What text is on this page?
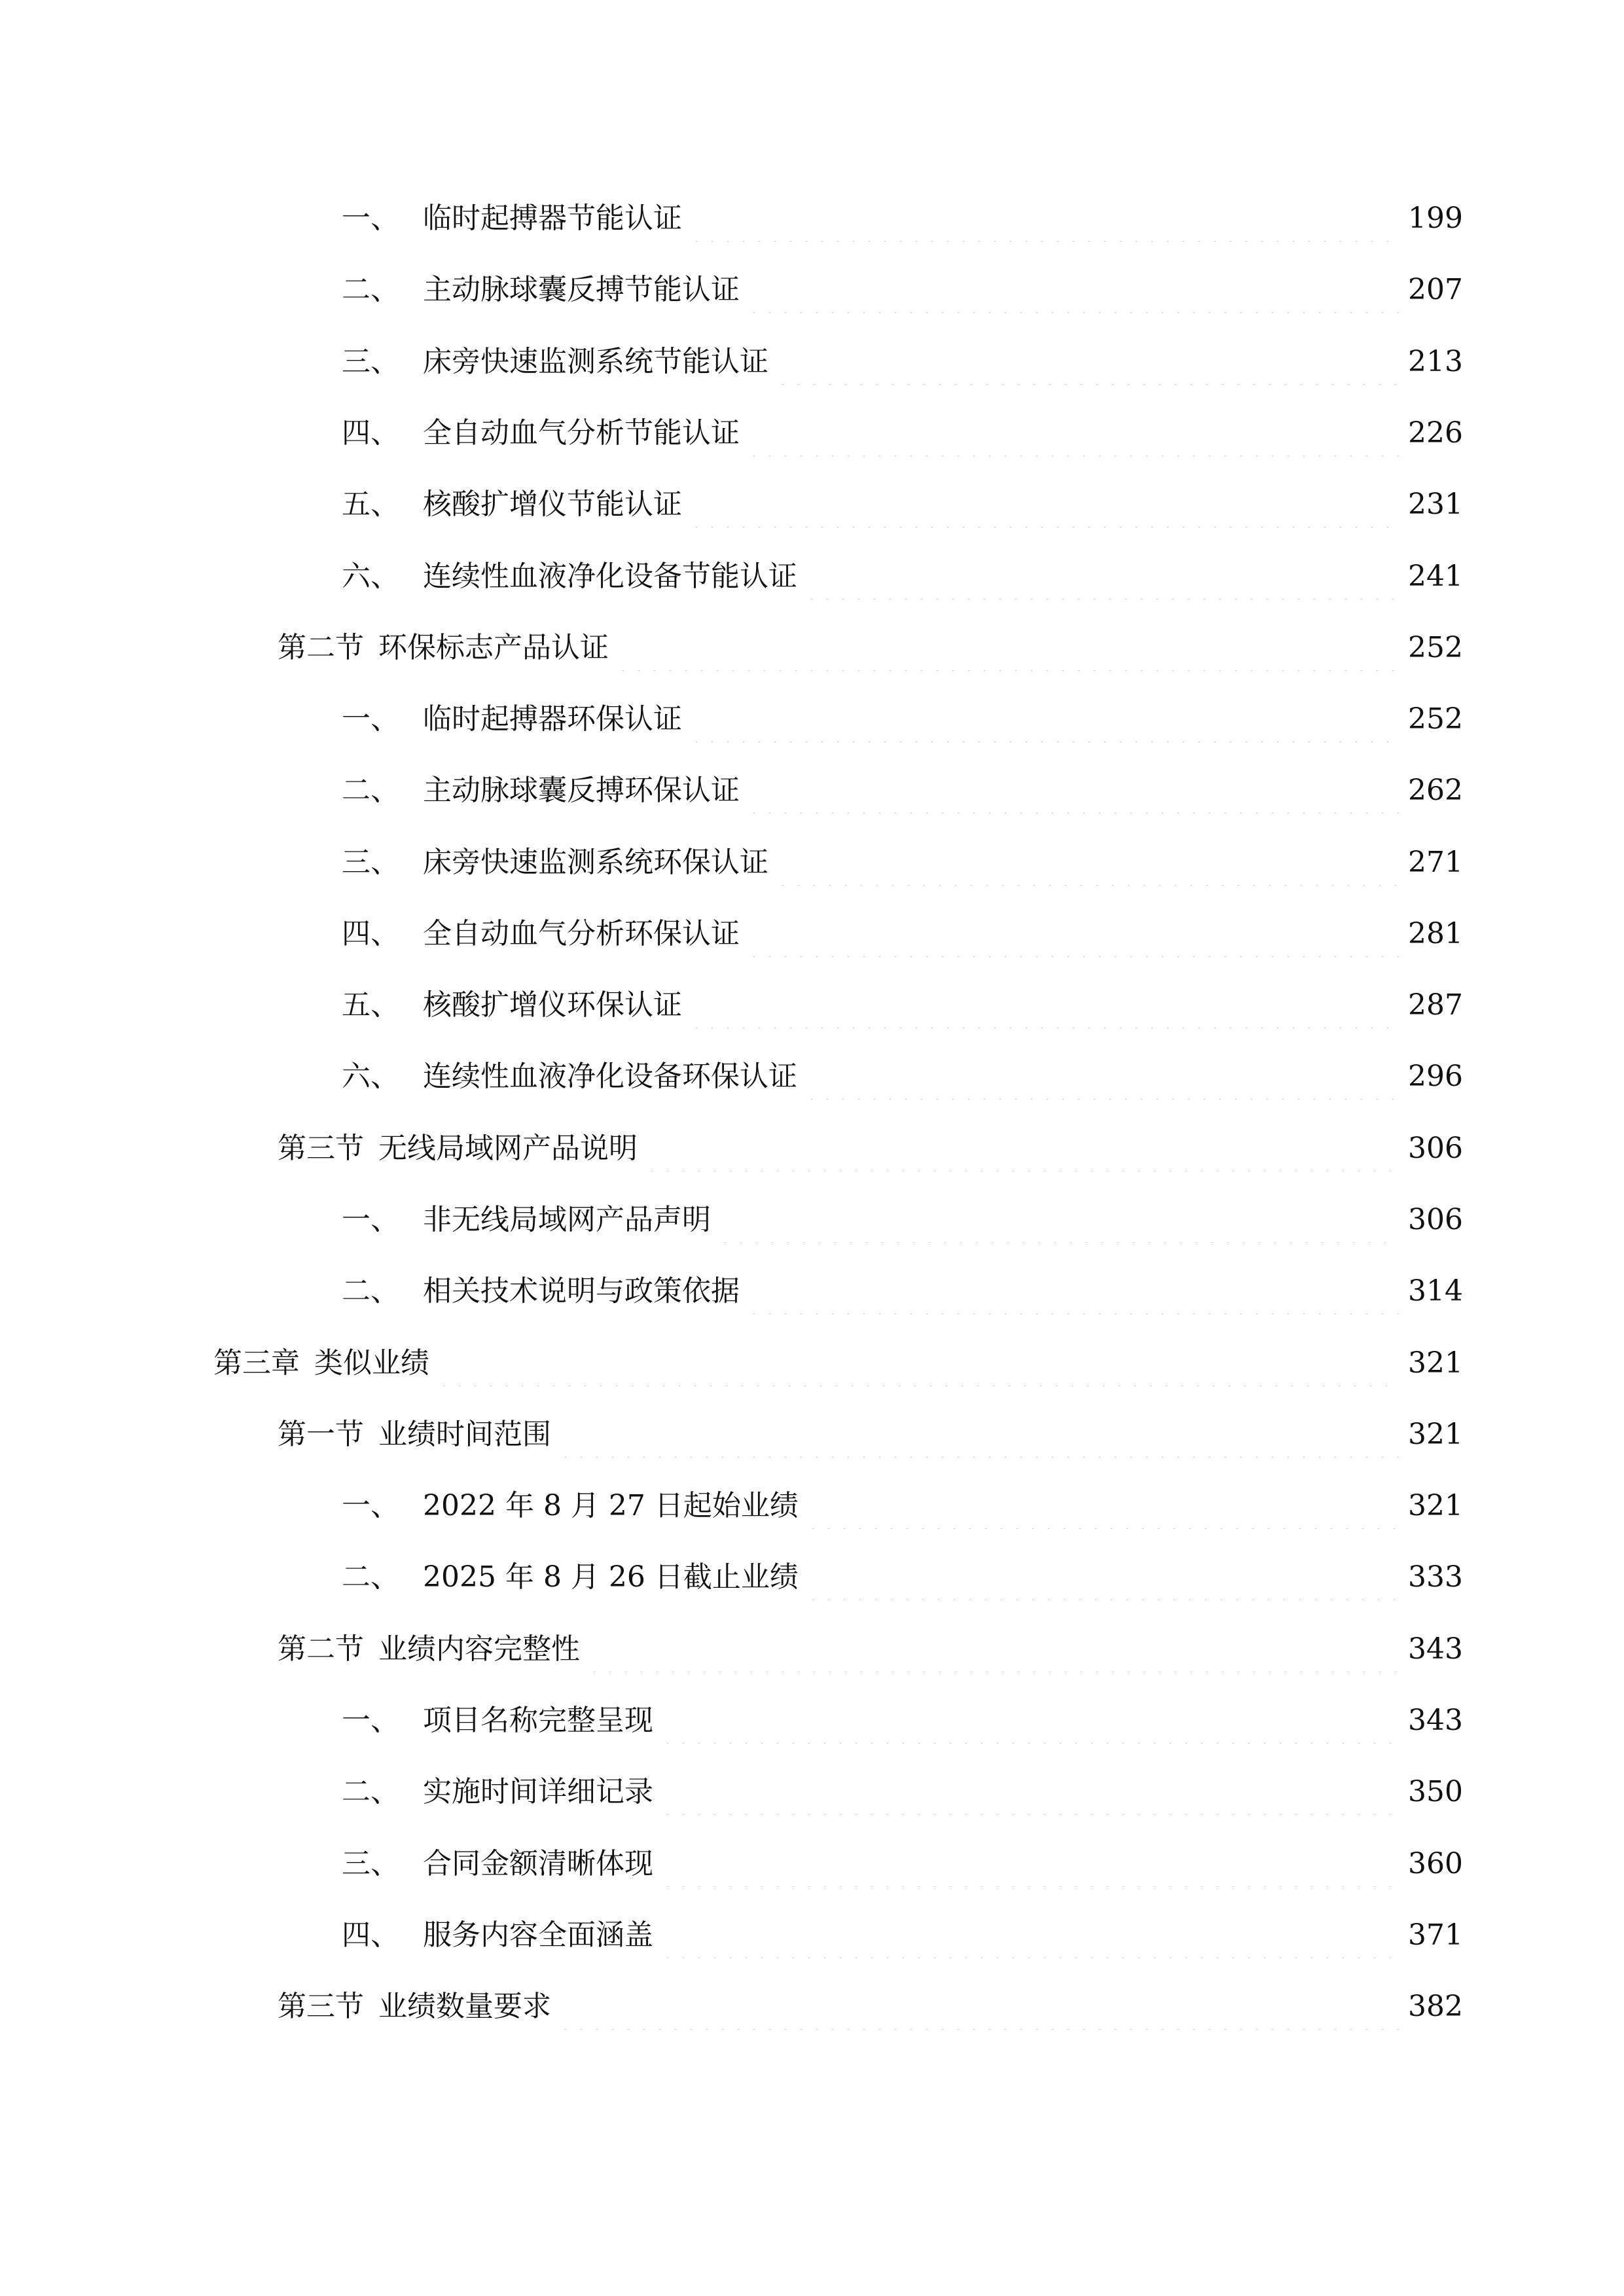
一、 临时起搏器节能认证	199
二、 主动脉球囊反搏节能认证	207
三、 床旁快速监测系统节能认证	213
四、 全自动血气分析节能认证	226
五、 核酸扩增仪节能认证	231
六、 连续性血液净化设备节能认证	241
第二节 环保标志产品认证	252
一、 临时起搏器环保认证	252
二、 主动脉球囊反搏环保认证	262
三、 床旁快速监测系统环保认证	271
四、 全自动血气分析环保认证	281
五、 核酸扩增仪环保认证	287
六、 连续性血液净化设备环保认证	296
第三节 无线局域网产品说明	306
一、 非无线局域网产品声明	306
二、 相关技术说明与政策依据	314
第三章 类似业绩	321
第一节 业绩时间范围	321
一、 2022 年 8 月 27 日起始业绩	321
二、 2025 年 8 月 26 日截止业绩	333
第二节 业绩内容完整性	343
一、 项目名称完整呈现	343
二、 实施时间详细记录	350
三、 合同金额清晰体现	360
四、 服务内容全面涵盖	371
第三节 业绩数量要求	382
